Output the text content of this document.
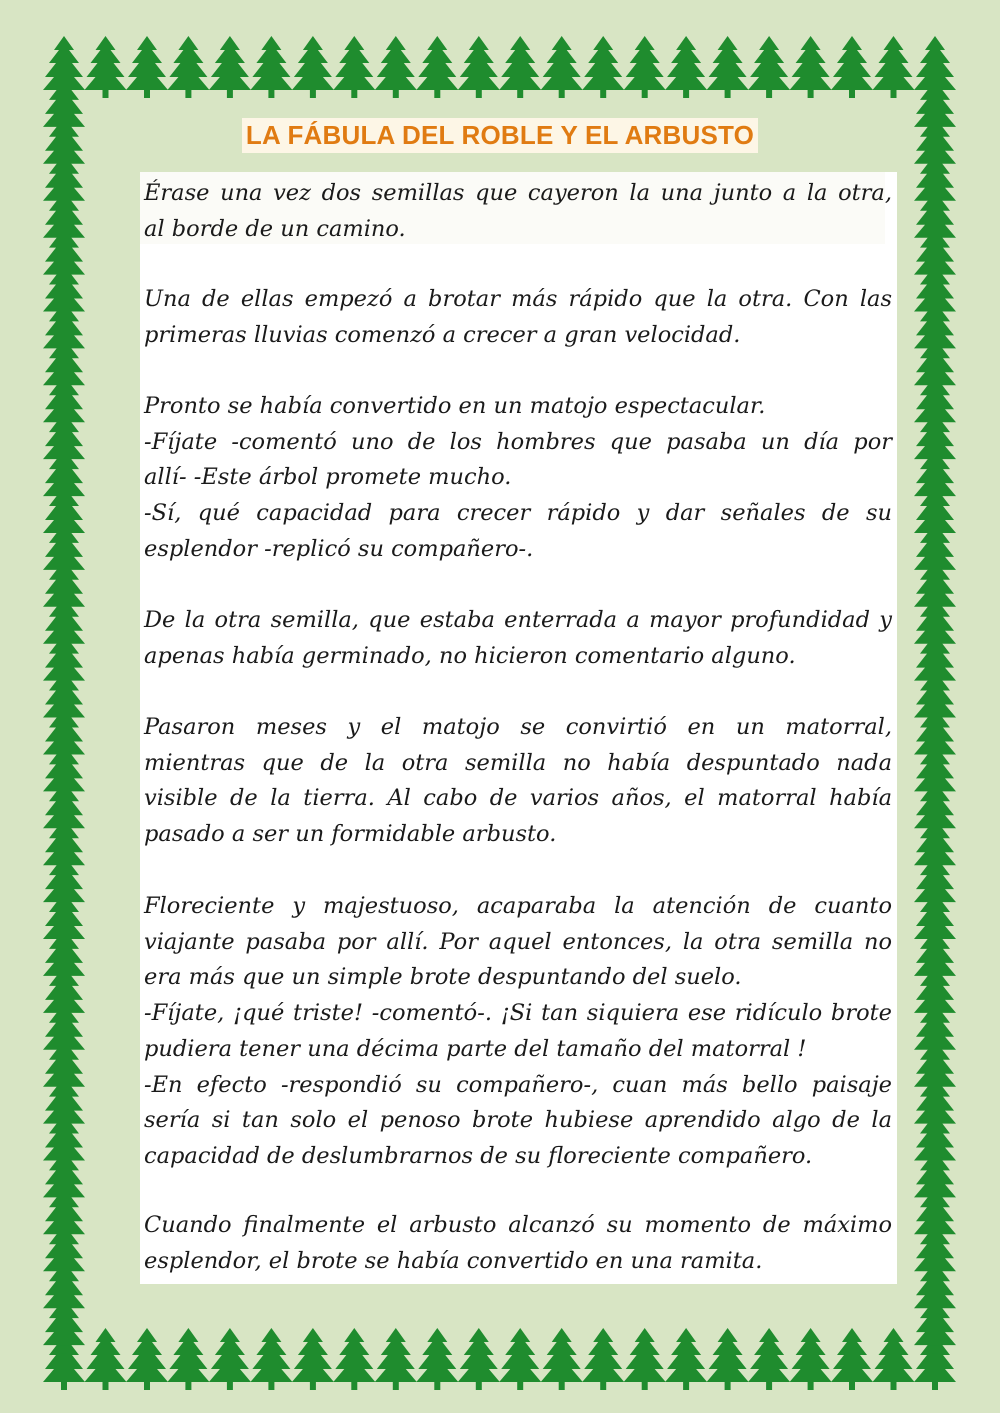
LA FÁBULA DEL ROBLE Y EL ARBUSTO
Érase una vez dos semillas que cayeron la una junto a la otra,
al borde de un camino.
Una de ellas empezó a brotar más rápido que la otra. Con las
primeras lluvias comenzó a crecer a gran velocidad.
Pronto se había convertido en un matojo espectacular.
-Fíjate -comentó uno de los hombres que pasaba un día por
allí- -Este árbol promete mucho.
-Sí, qué capacidad para crecer rápido y dar señales de su
esplendor -replicó su compañero-.
De la otra semilla, que estaba enterrada a mayor profundidad y
apenas había germinado, no hicieron comentario alguno.
Pasaron meses y el matojo se convirtió en un matorral,
mientras que de la otra semilla no había despuntado nada
visible de la tierra. Al cabo de varios años, el matorral había
pasado a ser un formidable arbusto.
Floreciente y majestuoso, acaparaba la atención de cuanto
viajante pasaba por allí. Por aquel entonces, la otra semilla no
era más que un simple brote despuntando del suelo.
-Fíjate, ¡qué triste! -comentó-. ¡Si tan siquiera ese ridículo brote
pudiera tener una décima parte del tamaño del matorral !
-En efecto -respondió su compañero-, cuan más bello paisaje
sería si tan solo el penoso brote hubiese aprendido algo de la
capacidad de deslumbrarnos de su floreciente compañero.
Cuando finalmente el arbusto alcanzó su momento de máximo
esplendor, el brote se había convertido en una ramita.
